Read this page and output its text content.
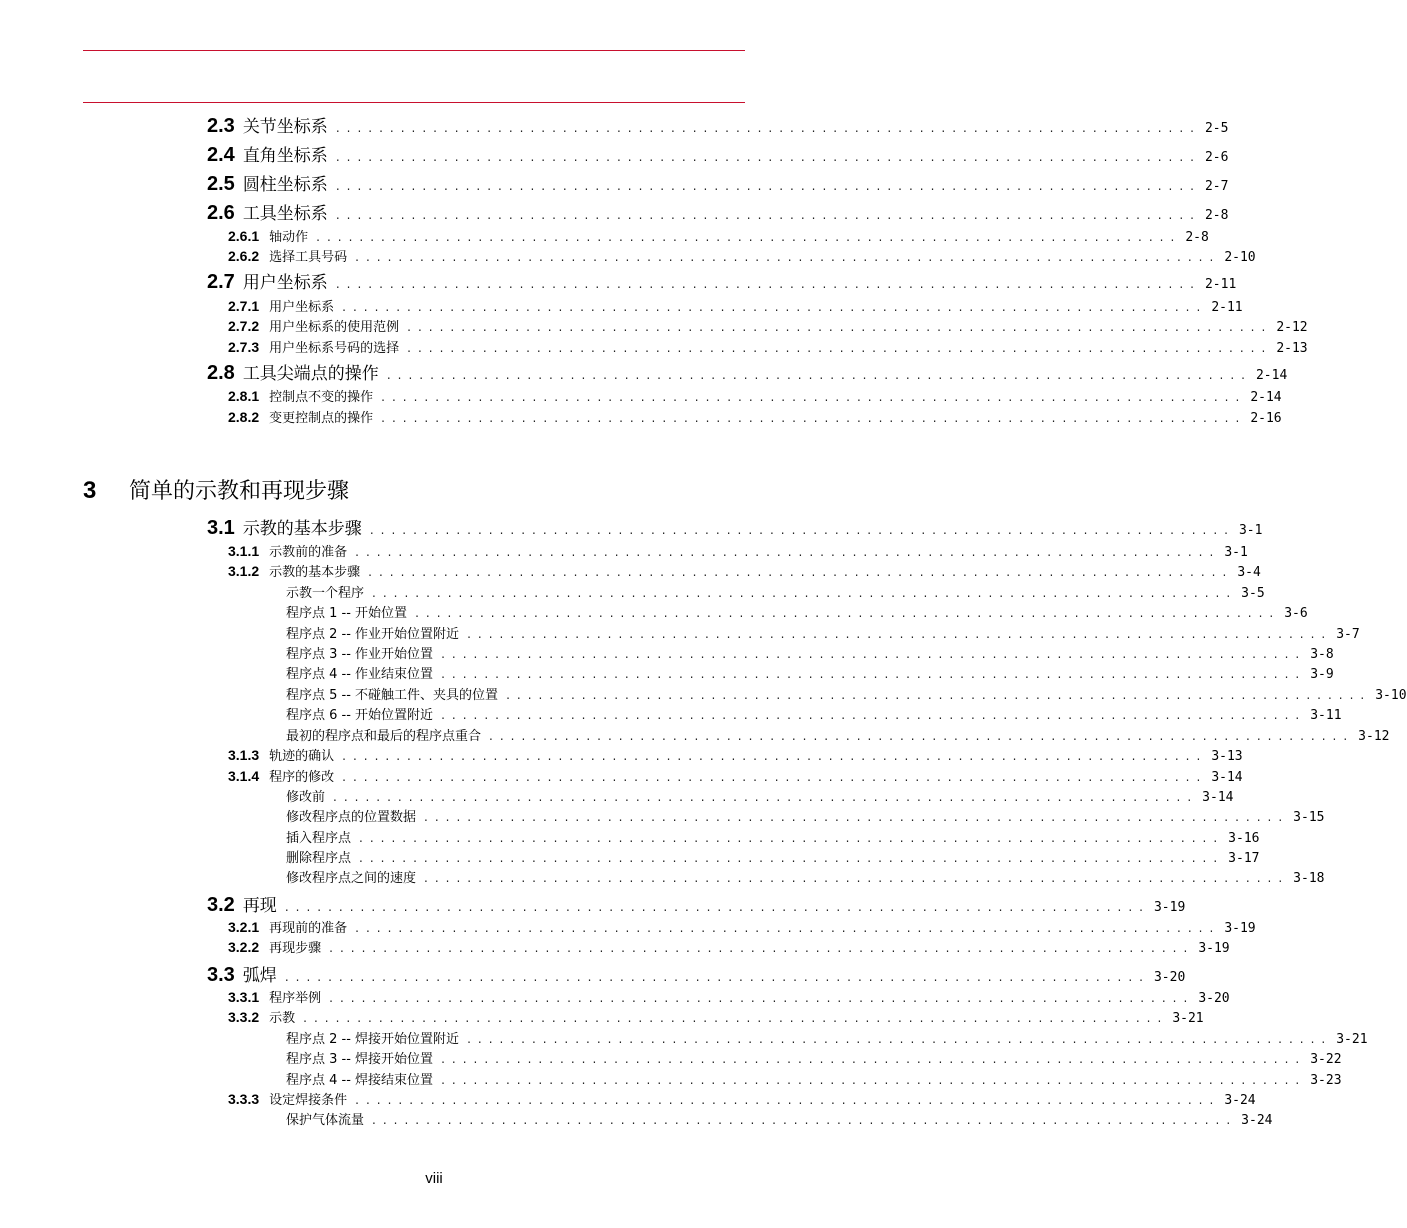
2.3 关节坐标系 ................................................................................ 2-5
2.4 直角坐标系 ................................................................................ 2-6
2.5 圆柱坐标系 ................................................................................ 2-7
2.6 工具坐标系 ................................................................................ 2-8
2.6.1 轴动作 ................................................................................ 2-8
2.6.2 选择工具号码 ................................................................................ 2-10
2.7 用户坐标系 ................................................................................ 2-11
2.7.1 用户坐标系 ................................................................................ 2-11
2.7.2 用户坐标系的使用范例 ................................................................................ 2-12
2.7.3 用户坐标系号码的选择 ................................................................................ 2-13
2.8 工具尖端点的操作 ................................................................................ 2-14
2.8.1 控制点不变的操作 ................................................................................ 2-14
2.8.2 变更控制点的操作 ................................................................................ 2-16
3	简单的示教和再现步骤
3.1 示教的基本步骤 ................................................................................ 3-1
3.1.1 示教前的准备 ................................................................................ 3-1
3.1.2 示教的基本步骤 ................................................................................ 3-4
示教一个程序 ................................................................................ 3-5
程序点 1 -- 开始位置 ................................................................................ 3-6
程序点 2 -- 作业开始位置附近 ................................................................................ 3-7
程序点 3 -- 作业开始位置 ................................................................................ 3-8
程序点 4 -- 作业结束位置 ................................................................................ 3-9
程序点 5 -- 不碰触工件、夹具的位置 ................................................................................ 3-10
程序点 6 -- 开始位置附近 ................................................................................ 3-11
最初的程序点和最后的程序点重合 ................................................................................ 3-12
3.1.3 轨迹的确认 ................................................................................ 3-13
3.1.4 程序的修改 ................................................................................ 3-14
修改前 ................................................................................ 3-14
修改程序点的位置数据 ................................................................................ 3-15
插入程序点 ................................................................................ 3-16
删除程序点 ................................................................................ 3-17
修改程序点之间的速度 ................................................................................ 3-18
3.2 再现 ................................................................................ 3-19
3.2.1 再现前的准备 ................................................................................ 3-19
3.2.2 再现步骤 ................................................................................ 3-19
3.3 弧焊 ................................................................................ 3-20
3.3.1 程序举例 ................................................................................ 3-20
3.3.2 示教 ................................................................................ 3-21
程序点 2 -- 焊接开始位置附近 ................................................................................ 3-21
程序点 3 -- 焊接开始位置 ................................................................................ 3-22
程序点 4 -- 焊接结束位置 ................................................................................ 3-23
3.3.3 设定焊接条件 ................................................................................ 3-24
保护气体流量 ................................................................................ 3-24
viii
